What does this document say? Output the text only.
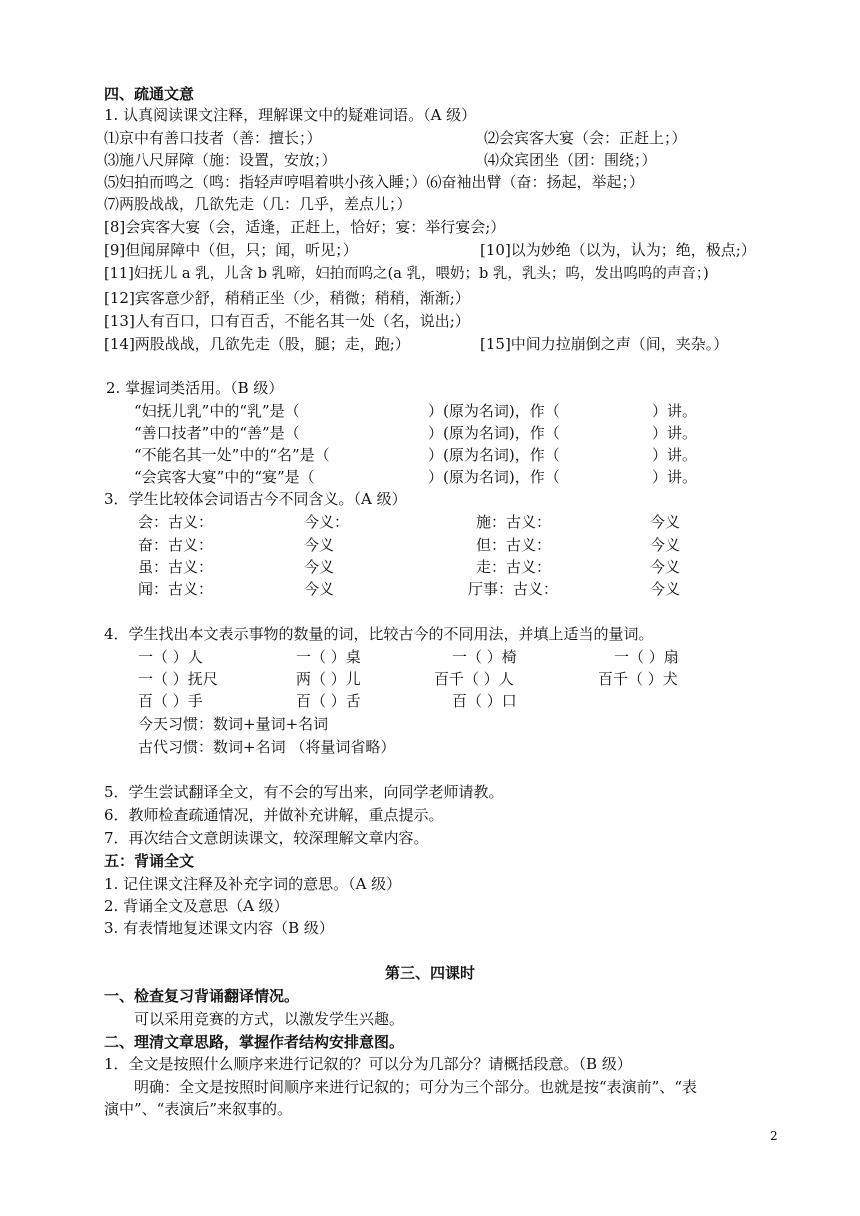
四、疏通文意
1. 认真阅读课文注释，理解课文中的疑难词语。（A 级）
⑴京中有善口技者（善：擅长；）	⑵会宾客大宴（会：正赶上；）
⑶施八尺屏障（施：设置，安放；）	⑷众宾团坐（团：围绕；）
⑸妇拍而鸣之（鸣：指轻声哼唱着哄小孩入睡；）⑹奋袖出臂（奋：扬起，举起；）
⑺两股战战，几欲先走（几：几乎，差点儿；）
[8]会宾客大宴（会，适逢，正赶上，恰好；宴：举行宴会;）
[9]但闻屏障中（但，只；闻，听见；）	[10]以为妙绝（以为，认为；绝，极点;）
[11]妇抚儿 a 乳，儿含 b 乳啼，妇拍而呜之(a 乳，喂奶；b 乳，乳头；呜，发出呜呜的声音；)
[12]宾客意少舒，稍稍正坐（少，稍微；稍稍，渐渐;）
[13]人有百口，口有百舌，不能名其一处（名，说出;）
[14]两股战战，几欲先走（股，腿；走，跑;）	[15]中间力拉崩倒之声（间，夹杂。）
2. 掌握词类活用。（B 级）
“妇抚儿乳”中的“乳”是（	）(原为名词)，作（	）讲。
“善口技者”中的“善”是（	）(原为名词)，作（	）讲。
“不能名其一处”中的“名”是（	）(原为名词)，作（	）讲。
“会宾客大宴”中的“宴”是（	）(原为名词)，作（	）讲。
3．学生比较体会词语古今不同含义。（A 级）
会：古义：	今义：	施：古义：	今义
奋：古义：	今义	但：古义：	今义
虽：古义：	今义	走：古义：	今义
闻：古义：	今义	厅事：古义：	今义
4．学生找出本文表示事物的数量的词，比较古今的不同用法，并填上适当的量词。
一（ ）人	一（ ）桌	一（ ）椅	一（ ）扇
一（ ）抚尺	两（ ）儿	百千（ ）人	百千（ ）犬
百（ ）手	百（ ）舌	百（ ）口
今天习惯：数词+量词+名词
古代习惯：数词+名词 （将量词省略）
5．学生尝试翻译全文，有不会的写出来，向同学老师请教。
6．教师检查疏通情况，并做补充讲解，重点提示。
7．再次结合文意朗读课文，较深理解文章内容。
五：背诵全文
1. 记住课文注释及补充字词的意思。（A 级）
2. 背诵全文及意思（A 级）
3. 有表情地复述课文内容（B 级）
第三、四课时
一、检查复习背诵翻译情况。
可以采用竞赛的方式，以激发学生兴趣。
二、理清文章思路，掌握作者结构安排意图。
1．全文是按照什么顺序来进行记叙的？可以分为几部分？请概括段意。（B 级）
明确：全文是按照时间顺序来进行记叙的；可分为三个部分。也就是按“表演前”、“表
演中”、“表演后”来叙事的。
2
